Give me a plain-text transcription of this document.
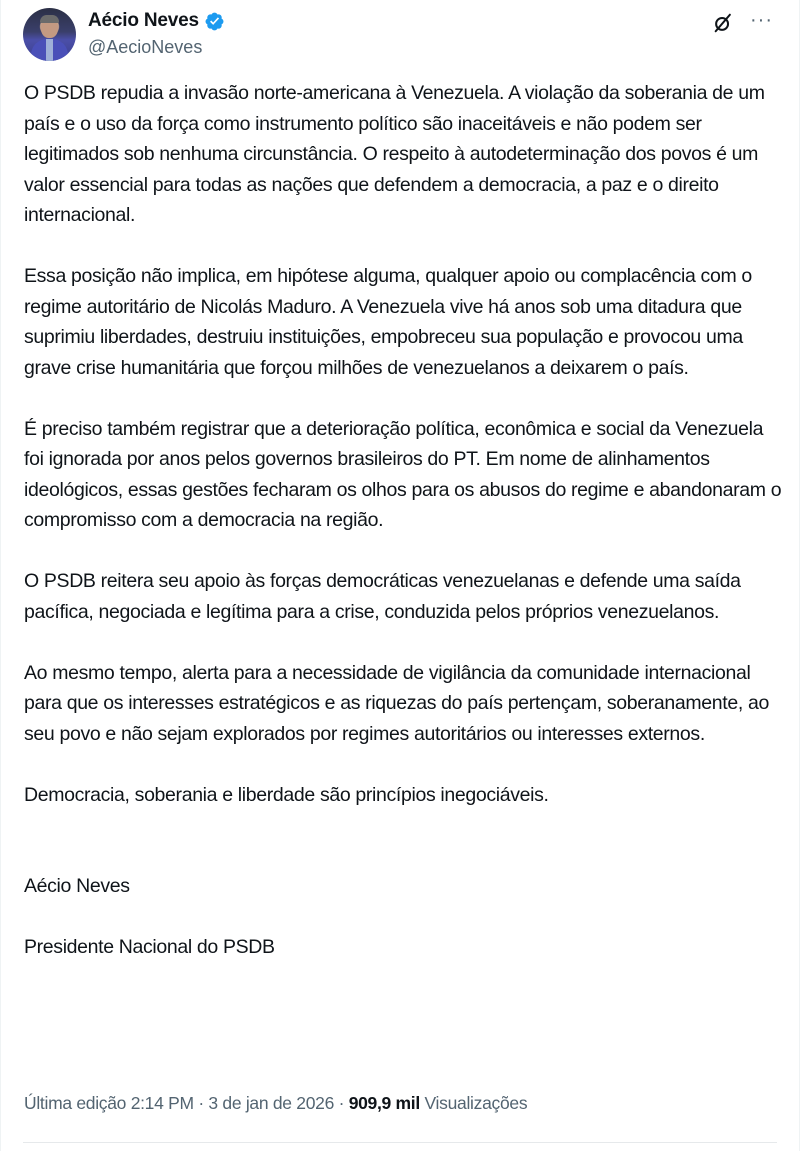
Aécio Neves
@AecioNeves
···

O PSDB repudia a invasão norte-americana à Venezuela. A violação da soberania de um país e o uso da força como instrumento político são inaceitáveis e não podem ser legitimados sob nenhuma circunstância. O respeito à autodeterminação dos povos é um valor essencial para todas as nações que defendem a democracia, a paz e o direito internacional.

Essa posição não implica, em hipótese alguma, qualquer apoio ou complacência com o regime autoritário de Nicolás Maduro. A Venezuela vive há anos sob uma ditadura que suprimiu liberdades, destruiu instituições, empobreceu sua população e provocou uma grave crise humanitária que forçou milhões de venezuelanos a deixarem o país.

É preciso também registrar que a deterioração política, econômica e social da Venezuela foi ignorada por anos pelos governos brasileiros do PT. Em nome de alinhamentos ideológicos, essas gestões fecharam os olhos para os abusos do regime e abandonaram o compromisso com a democracia na região.

O PSDB reitera seu apoio às forças democráticas venezuelanas e defende uma saída pacífica, negociada e legítima para a crise, conduzida pelos próprios venezuelanos.

Ao mesmo tempo, alerta para a necessidade de vigilância da comunidade internacional para que os interesses estratégicos e as riquezas do país pertençam, soberanamente, ao seu povo e não sejam explorados por regimes autoritários ou interesses externos.

Democracia, soberania e liberdade são princípios inegociáveis.

Aécio Neves

Presidente Nacional do PSDB

Última edição 2:14 PM · 3 de jan de 2026 · 909,9 mil Visualizações
